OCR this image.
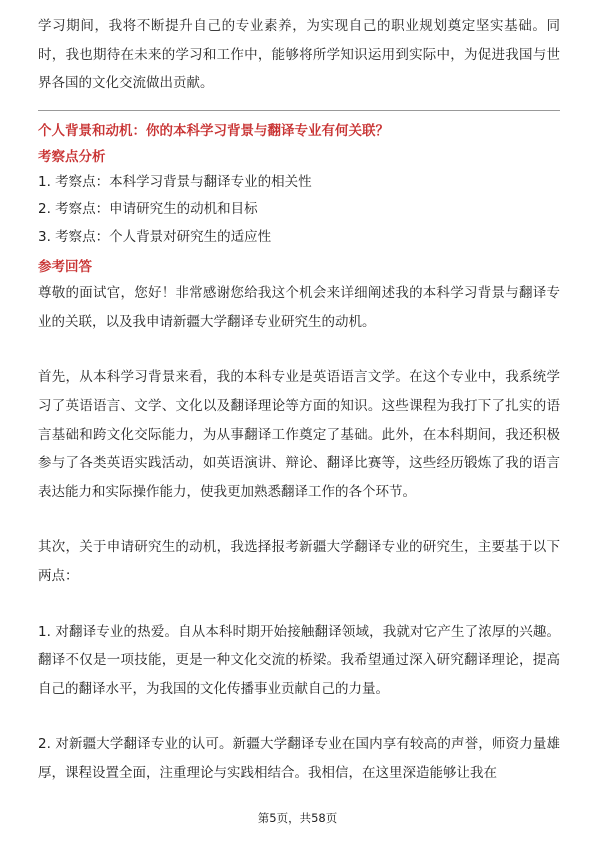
学习期间，我将不断提升自己的专业素养，为实现自己的职业规划奠定坚实基础。同时，我也期待在未来的学习和工作中，能够将所学知识运用到实际中，为促进我国与世界各国的文化交流做出贡献。

个人背景和动机：你的本科学习背景与翻译专业有何关联？

考察点分析

1. 考察点：本科学习背景与翻译专业的相关性

2. 考察点：申请研究生的动机和目标

3. 考察点：个人背景对研究生的适应性

参考回答

尊敬的面试官，您好！非常感谢您给我这个机会来详细阐述我的本科学习背景与翻译专业的关联，以及我申请新疆大学翻译专业研究生的动机。

首先，从本科学习背景来看，我的本科专业是英语语言文学。在这个专业中，我系统学习了英语语言、文学、文化以及翻译理论等方面的知识。这些课程为我打下了扎实的语言基础和跨文化交际能力，为从事翻译工作奠定了基础。此外，在本科期间，我还积极参与了各类英语实践活动，如英语演讲、辩论、翻译比赛等，这些经历锻炼了我的语言表达能力和实际操作能力，使我更加熟悉翻译工作的各个环节。

其次，关于申请研究生的动机，我选择报考新疆大学翻译专业的研究生，主要基于以下两点：

1. 对翻译专业的热爱。自从本科时期开始接触翻译领域，我就对它产生了浓厚的兴趣。翻译不仅是一项技能，更是一种文化交流的桥梁。我希望通过深入研究翻译理论，提高自己的翻译水平，为我国的文化传播事业贡献自己的力量。

2. 对新疆大学翻译专业的认可。新疆大学翻译专业在国内享有较高的声誉，师资力量雄厚，课程设置全面，注重理论与实践相结合。我相信，在这里深造能够让我在

第5页，共58页
